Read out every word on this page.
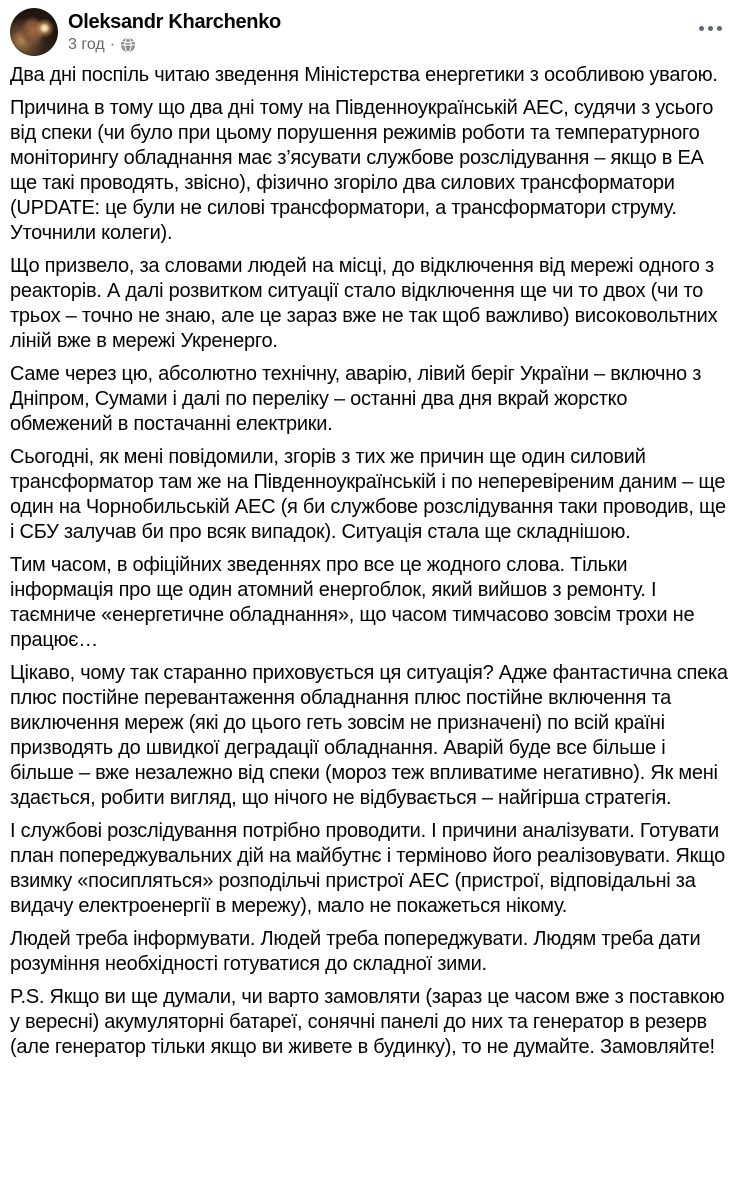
Oleksandr Kharchenko
3 год ·

Два дні поспіль читаю зведення Міністерства енергетики з особливою увагою.

Причина в тому що два дні тому на Південноукраїнській АЕС, судячи з усього від спеки (чи було при цьому порушення режимів роботи та температурного моніторингу обладнання має з’ясувати службове розслідування – якщо в ЕА ще такі проводять, звісно), фізично згоріло два силових трансформатори (UPDATE: це були не силові трансформатори, а трансформатори струму. Уточнили колеги).

Що призвело, за словами людей на місці, до відключення від мережі одного з реакторів. А далі розвитком ситуації стало відключення ще чи то двох (чи то трьох – точно не знаю, але це зараз вже не так щоб важливо) високовольтних ліній вже в мережі Укренерго.

Саме через цю, абсолютно технічну, аварію, лівий беріг України – включно з Дніпром, Сумами і далі по переліку – останні два дня вкрай жорстко обмежений в постачанні електрики.

Сьогодні, як мені повідомили, згорів з тих же причин ще один силовий трансформатор там же на Південноукраїнській і по неперевіреним даним – ще один на Чорнобильській АЕС (я би службове розслідування таки проводив, ще і СБУ залучав би про всяк випадок). Ситуація стала ще складнішою.

Тим часом, в офіційних зведеннях про все це жодного слова. Тільки інформація про ще один атомний енергоблок, який вийшов з ремонту. І таємниче «енергетичне обладнання», що часом тимчасово зовсім трохи не працює…

Цікаво, чому так старанно приховується ця ситуація? Адже фантастична спека плюс постійне перевантаження обладнання плюс постійне включення та виключення мереж (які до цього геть зовсім не призначені) по всій країні призводять до швидкої деградації обладнання. Аварій буде все більше і більше – вже незалежно від спеки (мороз теж впливатиме негативно). Як мені здається, робити вигляд, що нічого не відбувається – найгірша стратегія.

І службові розслідування потрібно проводити. І причини аналізувати. Готувати план попереджувальних дій на майбутнє і терміново його реалізовувати. Якщо взимку «посипляться» розподільчі пристрої АЕС (пристрої, відповідальні за видачу електроенергії в мережу), мало не покажеться нікому.

Людей треба інформувати. Людей треба попереджувати. Людям треба дати розуміння необхідності готуватися до складної зими.

P.S. Якщо ви ще думали, чи варто замовляти (зараз це часом вже з поставкою у вересні) акумуляторні батареї, сонячні панелі до них та генератор в резерв (але генератор тільки якщо ви живете в будинку), то не думайте. Замовляйте!
